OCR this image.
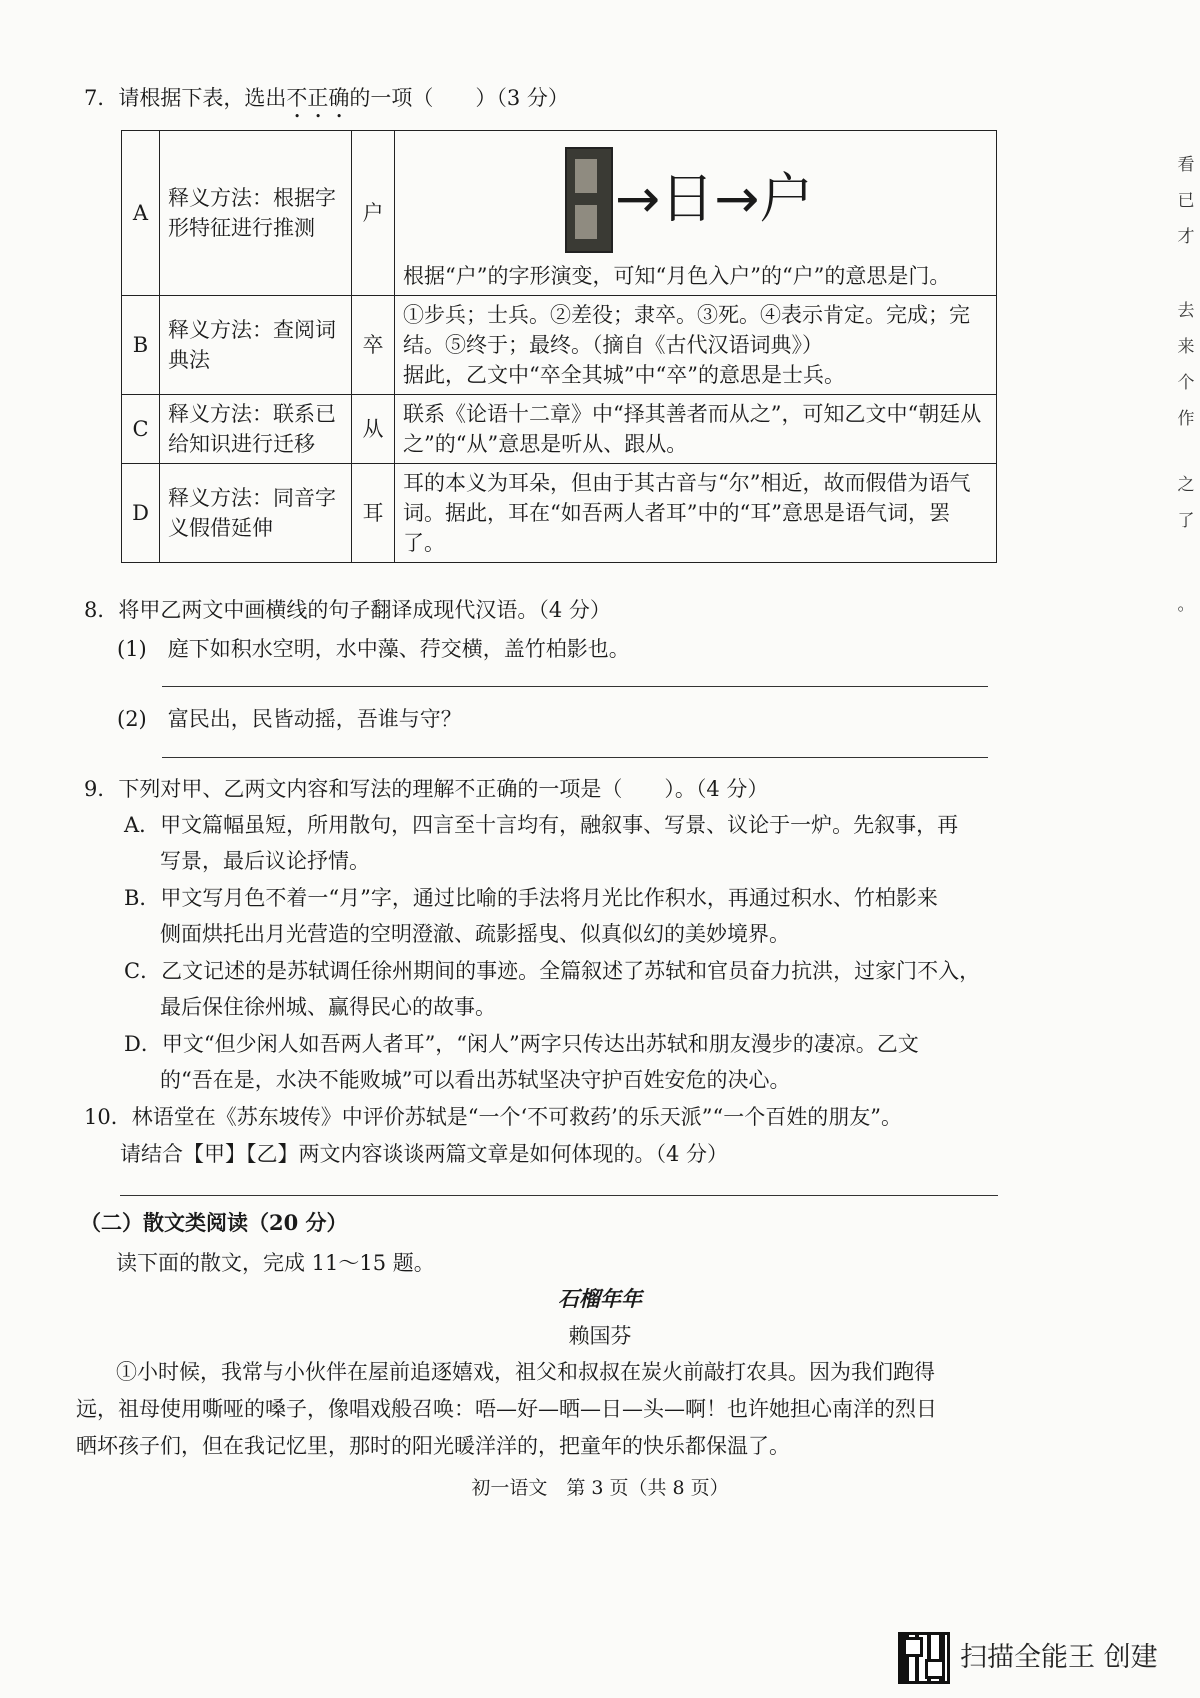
7．请根据下表，选出不正确的一项（　　）（3 分）
A	释义方法：根据字形特征进行推测	户	→日→户
根据“户”的字形演变，可知“月色入户”的“户”的意思是门。

B	释义方法：查阅词典法	卒	①步兵；士兵。②差役；隶卒。③死。④表示肯定。完成；完结。⑤终于；最终。（摘自《古代汉语词典》）
据此，乙文中“卒全其城”中“卒”的意思是士兵。
C	释义方法：联系已给知识进行迁移	从	联系《论语十二章》中“择其善者而从之”，可知乙文中“朝廷从之”的“从”意思是听从、跟从。
D	释义方法：同音字义假借延伸	耳	耳的本义为耳朵，但由于其古音与“尔”相近，故而假借为语气词。据此，耳在“如吾两人者耳”中的“耳”意思是语气词，罢了。
8．将甲乙两文中画横线的句子翻译成现代汉语。（4 分）
(1)　庭下如积水空明，水中藻、荇交横，盖竹柏影也。
(2)　富民出，民皆动摇，吾谁与守？
9．下列对甲、乙两文内容和写法的理解不正确的一项是（　　）。（4 分）
A．甲文篇幅虽短，所用散句，四言至十言均有，融叙事、写景、议论于一炉。先叙事，再
写景，最后议论抒情。
B．甲文写月色不着一“月”字，通过比喻的手法将月光比作积水，再通过积水、竹柏影来
侧面烘托出月光营造的空明澄澈、疏影摇曳、似真似幻的美妙境界。
C．乙文记述的是苏轼调任徐州期间的事迹。全篇叙述了苏轼和官员奋力抗洪，过家门不入，
最后保住徐州城、赢得民心的故事。
D．甲文“但少闲人如吾两人者耳”，“闲人”两字只传达出苏轼和朋友漫步的凄凉。乙文
的“吾在是，水决不能败城”可以看出苏轼坚决守护百姓安危的决心。
10．林语堂在《苏东坡传》中评价苏轼是“一个‘不可救药’的乐天派”“一个百姓的朋友”。
请结合【甲】【乙】两文内容谈谈两篇文章是如何体现的。（4 分）
（二）散文类阅读（20 分）
读下面的散文，完成 11～15 题。
石榴年年
赖国芬
①小时候，我常与小伙伴在屋前追逐嬉戏，祖父和叔叔在炭火前敲打农具。因为我们跑得
远，祖母使用嘶哑的嗓子，像唱戏般召唤：唔—好—晒—日—头—啊！也许她担心南洋的烈日
晒坏孩子们，但在我记忆里，那时的阳光暖洋洋的，把童年的快乐都保温了。
初一语文　第 3 页（共 8 页）
看
已
才
去
来
个
作
之
了
。
扫描全能王 创建
